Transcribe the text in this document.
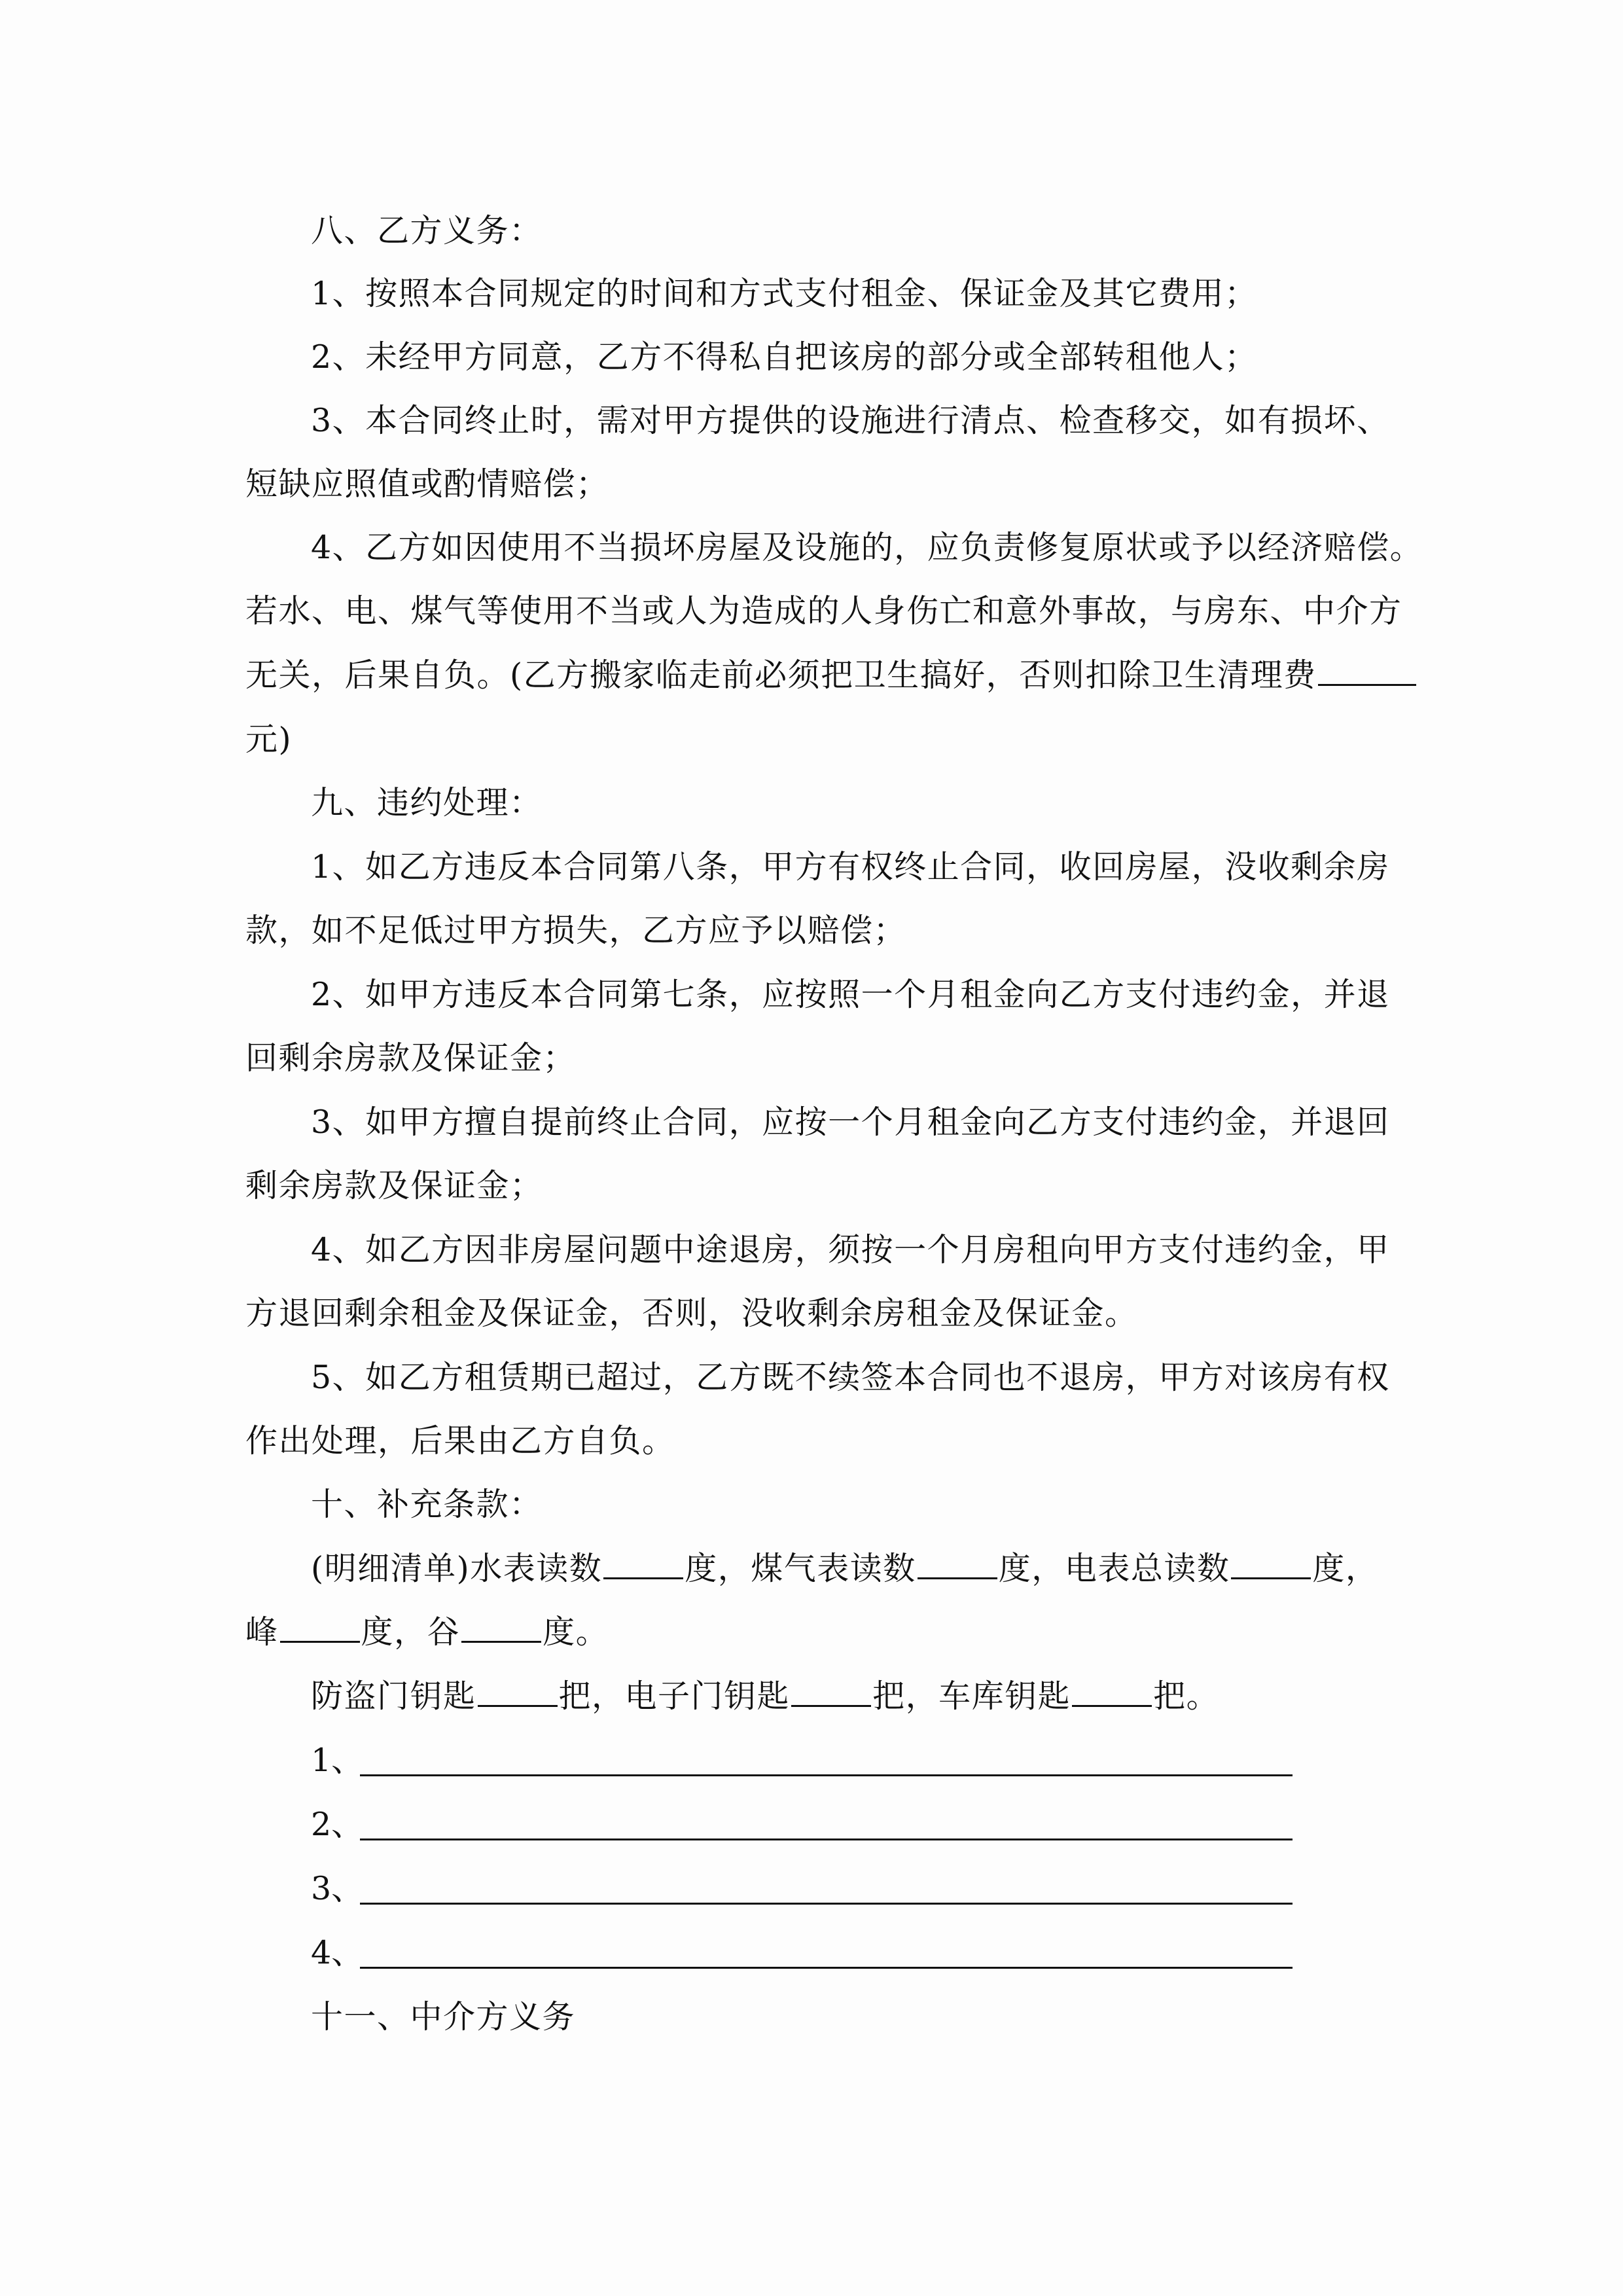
八、乙方义务：
1、按照本合同规定的时间和方式支付租金、保证金及其它费用；
2、未经甲方同意，乙方不得私自把该房的部分或全部转租他人；
3、本合同终止时，需对甲方提供的设施进行清点、检查移交，如有损坏、
短缺应照值或酌情赔偿；
4、乙方如因使用不当损坏房屋及设施的，应负责修复原状或予以经济赔偿。
若水、电、煤气等使用不当或人为造成的人身伤亡和意外事故，与房东、中介方
无关，后果自负。(乙方搬家临走前必须把卫生搞好，否则扣除卫生清理费
元)
九、违约处理：
1、如乙方违反本合同第八条，甲方有权终止合同，收回房屋，没收剩余房
款，如不足低过甲方损失，乙方应予以赔偿；
2、如甲方违反本合同第七条，应按照一个月租金向乙方支付违约金，并退
回剩余房款及保证金；
3、如甲方擅自提前终止合同，应按一个月租金向乙方支付违约金，并退回
剩余房款及保证金；
4、如乙方因非房屋问题中途退房，须按一个月房租向甲方支付违约金，甲
方退回剩余租金及保证金，否则，没收剩余房租金及保证金。
5、如乙方租赁期已超过，乙方既不续签本合同也不退房，甲方对该房有权
作出处理，后果由乙方自负。
十、补充条款：
(明细清单)水表读数	度，煤气表读数	度，电表总读数	度，
峰	度，谷	度。
防盗门钥匙	把，电子门钥匙	把，车库钥匙	把。
1、
2、
3、
4、
十一、中介方义务
